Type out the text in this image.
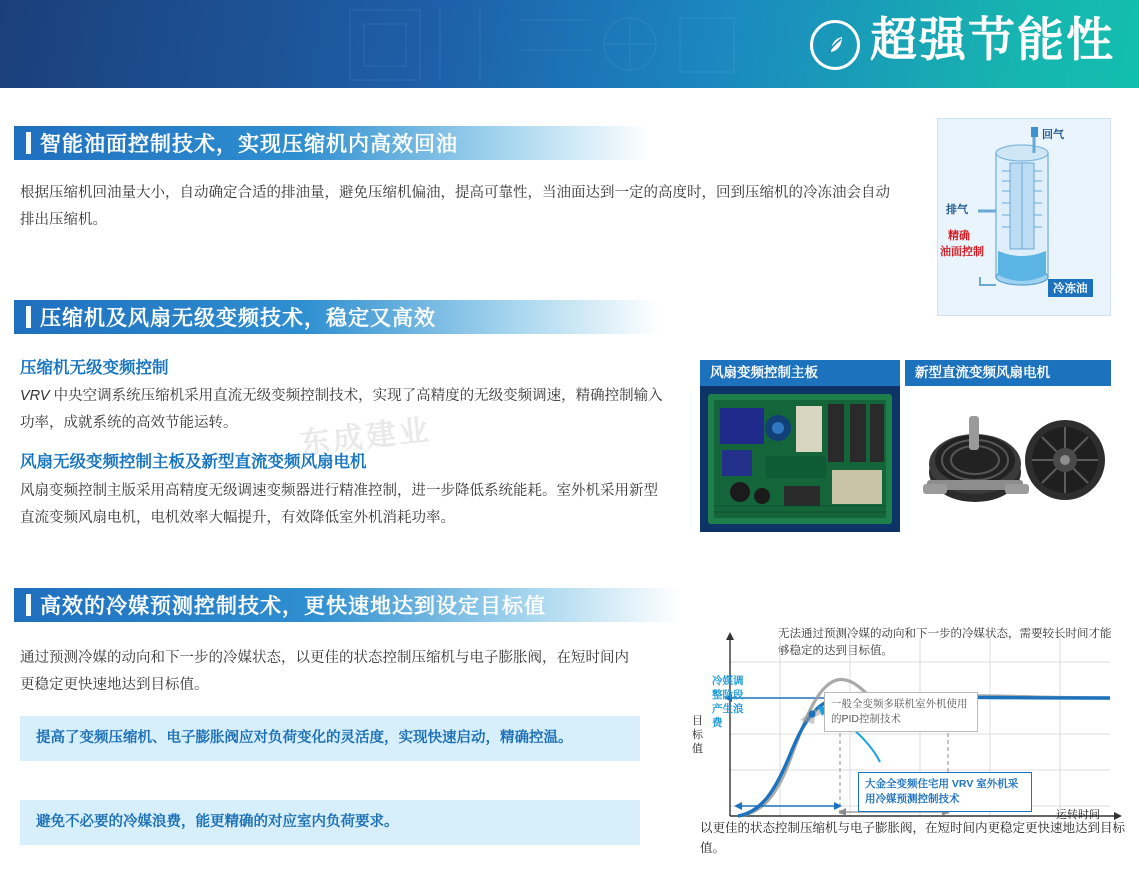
超强节能性
智能油面控制技术，实现压缩机内高效回油
根据压缩机回油量大小，自动确定合适的排油量，避免压缩机偏油，提高可靠性，当油面达到一定的高度时，回到压缩机的冷冻油会自动排出压缩机。
回气
排气
精确
油面控制
冷冻油
压缩机及风扇无级变频技术，稳定又高效
压缩机无级变频控制
VRV 中央空调系统压缩机采用直流无级变频控制技术，实现了高精度的无级变频调速，精确控制输入功率，成就系统的高效节能运转。
风扇无级变频控制主板及新型直流变频风扇电机
风扇变频控制主版采用高精度无级调速变频器进行精准控制，进一步降低系统能耗。室外机采用新型直流变频风扇电机，电机效率大幅提升，有效降低室外机消耗功率。
东成建业
风扇变频控制主板	新型直流变频风扇电机
高效的冷媒预测控制技术，更快速地达到设定目标值
通过预测冷媒的动向和下一步的冷媒状态，以更佳的状态控制压缩机与电子膨胀阀，在短时间内更稳定更快速地达到目标值。
提高了变频压缩机、电子膨胀阀应对负荷变化的灵活度，实现快速启动，精确控温。
避免不必要的冷媒浪费，能更精确的对应室内负荷要求。
无法通过预测冷媒的动向和下一步的冷媒状态，需要较长时间才能够稳定的达到目标值。
冷媒调整阶段产生浪费
一般全变频多联机室外机使用的PID控制技术
大金全变频住宅用 VRV 室外机采用冷媒预测控制技术
目标值
运转时间
以更佳的状态控制压缩机与电子膨胀阀，在短时间内更稳定更快速地达到目标值。
